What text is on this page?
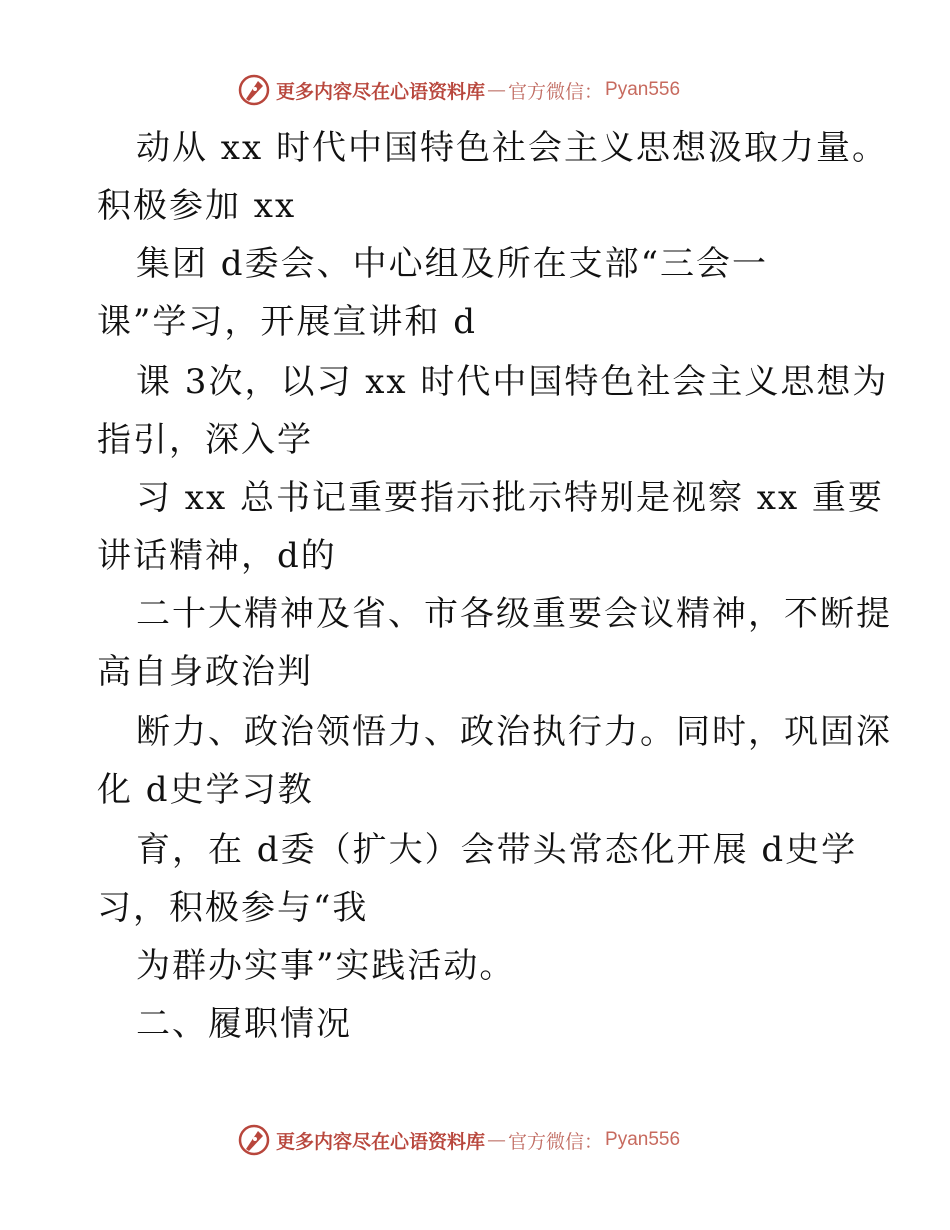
更多内容尽在心语资料库 — 官方微信： Pyan556
动从 xx 时代中国特色社会主义思想汲取力量。
积极参加 xx
集团 d委会、中心组及所在支部“三会一
课”学习，开展宣讲和 d
课 3次，以习 xx 时代中国特色社会主义思想为
指引，深入学
习 xx 总书记重要指示批示特别是视察 xx 重要
讲话精神，d的
二十大精神及省、市各级重要会议精神，不断提
高自身政治判
断力、政治领悟力、政治执行力。同时，巩固深
化 d史学习教
育，在 d委（扩大）会带头常态化开展 d史学
习，积极参与“我
为群办实事”实践活动。
二、履职情况
更多内容尽在心语资料库 — 官方微信： Pyan556
